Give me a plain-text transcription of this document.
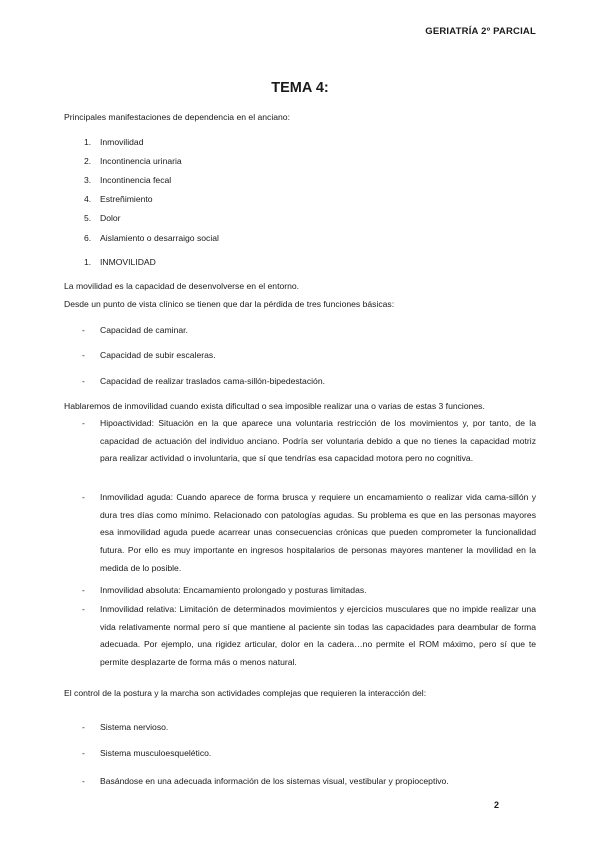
GERIATRÍA 2º PARCIAL
TEMA 4:
Principales manifestaciones de dependencia en el anciano:
1. Inmovilidad
2. Incontinencia urinaria
3. Incontinencia fecal
4. Estreñimiento
5. Dolor
6. Aislamiento o desarraigo social
1. INMOVILIDAD
La movilidad es la capacidad de desenvolverse en el entorno.
Desde un punto de vista clínico se tienen que dar la pérdida de tres funciones básicas:
- Capacidad de caminar.
- Capacidad de subir escaleras.
- Capacidad de realizar traslados cama-sillón-bipedestación.
Hablaremos de inmovilidad cuando exista dificultad o sea imposible realizar una o varias de estas 3 funciones.
- Hipoactividad: Situación en la que aparece una voluntaria restricción de los movimientos y, por tanto, de la capacidad de actuación del individuo anciano. Podría ser voluntaria debido a que no tienes la capacidad motriz para realizar actividad o involuntaria, que sí que tendrías esa capacidad motora pero no cognitiva.
- Inmovilidad aguda: Cuando aparece de forma brusca y requiere un encamamiento o realizar vida cama-sillón y dura tres días como mínimo. Relacionado con patologías agudas. Su problema es que en las personas mayores esa inmovilidad aguda puede acarrear unas consecuencias crónicas que pueden comprometer la funcionalidad futura. Por ello es muy importante en ingresos hospitalarios de personas mayores mantener la movilidad en la medida de lo posible.
- Inmovilidad absoluta: Encamamiento prolongado y posturas limitadas.
- Inmovilidad relativa: Limitación de determinados movimientos y ejercicios musculares que no impide realizar una vida relativamente normal pero sí que mantiene al paciente sin todas las capacidades para deambular de forma adecuada. Por ejemplo, una rigidez articular, dolor en la cadera…no permite el ROM máximo, pero sí que te permite desplazarte de forma más o menos natural.
El control de la postura y la marcha son actividades complejas que requieren la interacción del:
- Sistema nervioso.
- Sistema musculoesquelético.
- Basándose en una adecuada información de los sistemas visual, vestibular y propioceptivo.
2
